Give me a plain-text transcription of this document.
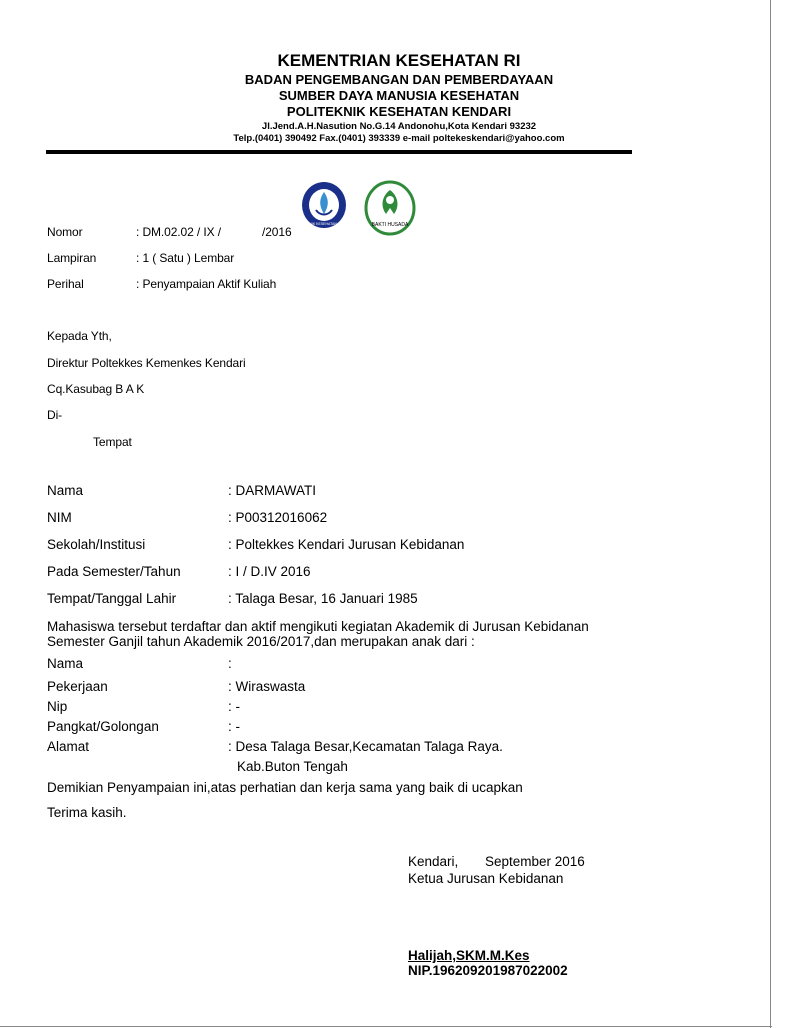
KEMENTRIAN KESEHATAN RI
BADAN PENGEMBANGAN DAN PEMBERDAYAAN
SUMBER DAYA MANUSIA KESEHATAN
POLITEKNIK KESEHATAN KENDARI
Jl.Jend.A.H.Nasution No.G.14 Andonohu,Kota Kendari 93232
Telp.(0401) 390492 Fax.(0401) 393339 e-mail poltekeskendari@yahoo.com
POLITEKNIK KESEHATAN KENDARI	BAKTI HUSADA
Nomor	: DM.02.02 / IX /	/2016
Lampiran	: 1 ( Satu ) Lembar
Perihal	: Penyampaian Aktif Kuliah
Kepada Yth,
Direktur Poltekkes Kemenkes Kendari
Cq.Kasubag B A K
Di-
Tempat
Nama	: DARMAWATI
NIM	: P00312016062
Sekolah/Institusi	: Poltekkes Kendari Jurusan Kebidanan
Pada Semester/Tahun	: I / D.IV 2016
Tempat/Tanggal Lahir	: Talaga Besar, 16 Januari 1985
Mahasiswa tersebut terdaftar dan aktif mengikuti kegiatan Akademik di Jurusan Kebidanan
Semester Ganjil tahun Akademik 2016/2017,dan merupakan anak dari :
Nama	:
Pekerjaan	: Wiraswasta
Nip	: -
Pangkat/Golongan	: -
Alamat	: Desa Talaga Besar,Kecamatan Talaga Raya.
Kab.Buton Tengah
Demikian Penyampaian ini,atas perhatian dan kerja sama yang baik di ucapkan
Terima kasih.
Kendari, September 2016
Ketua Jurusan Kebidanan
Halijah,SKM.M.Kes
NIP.196209201987022002
